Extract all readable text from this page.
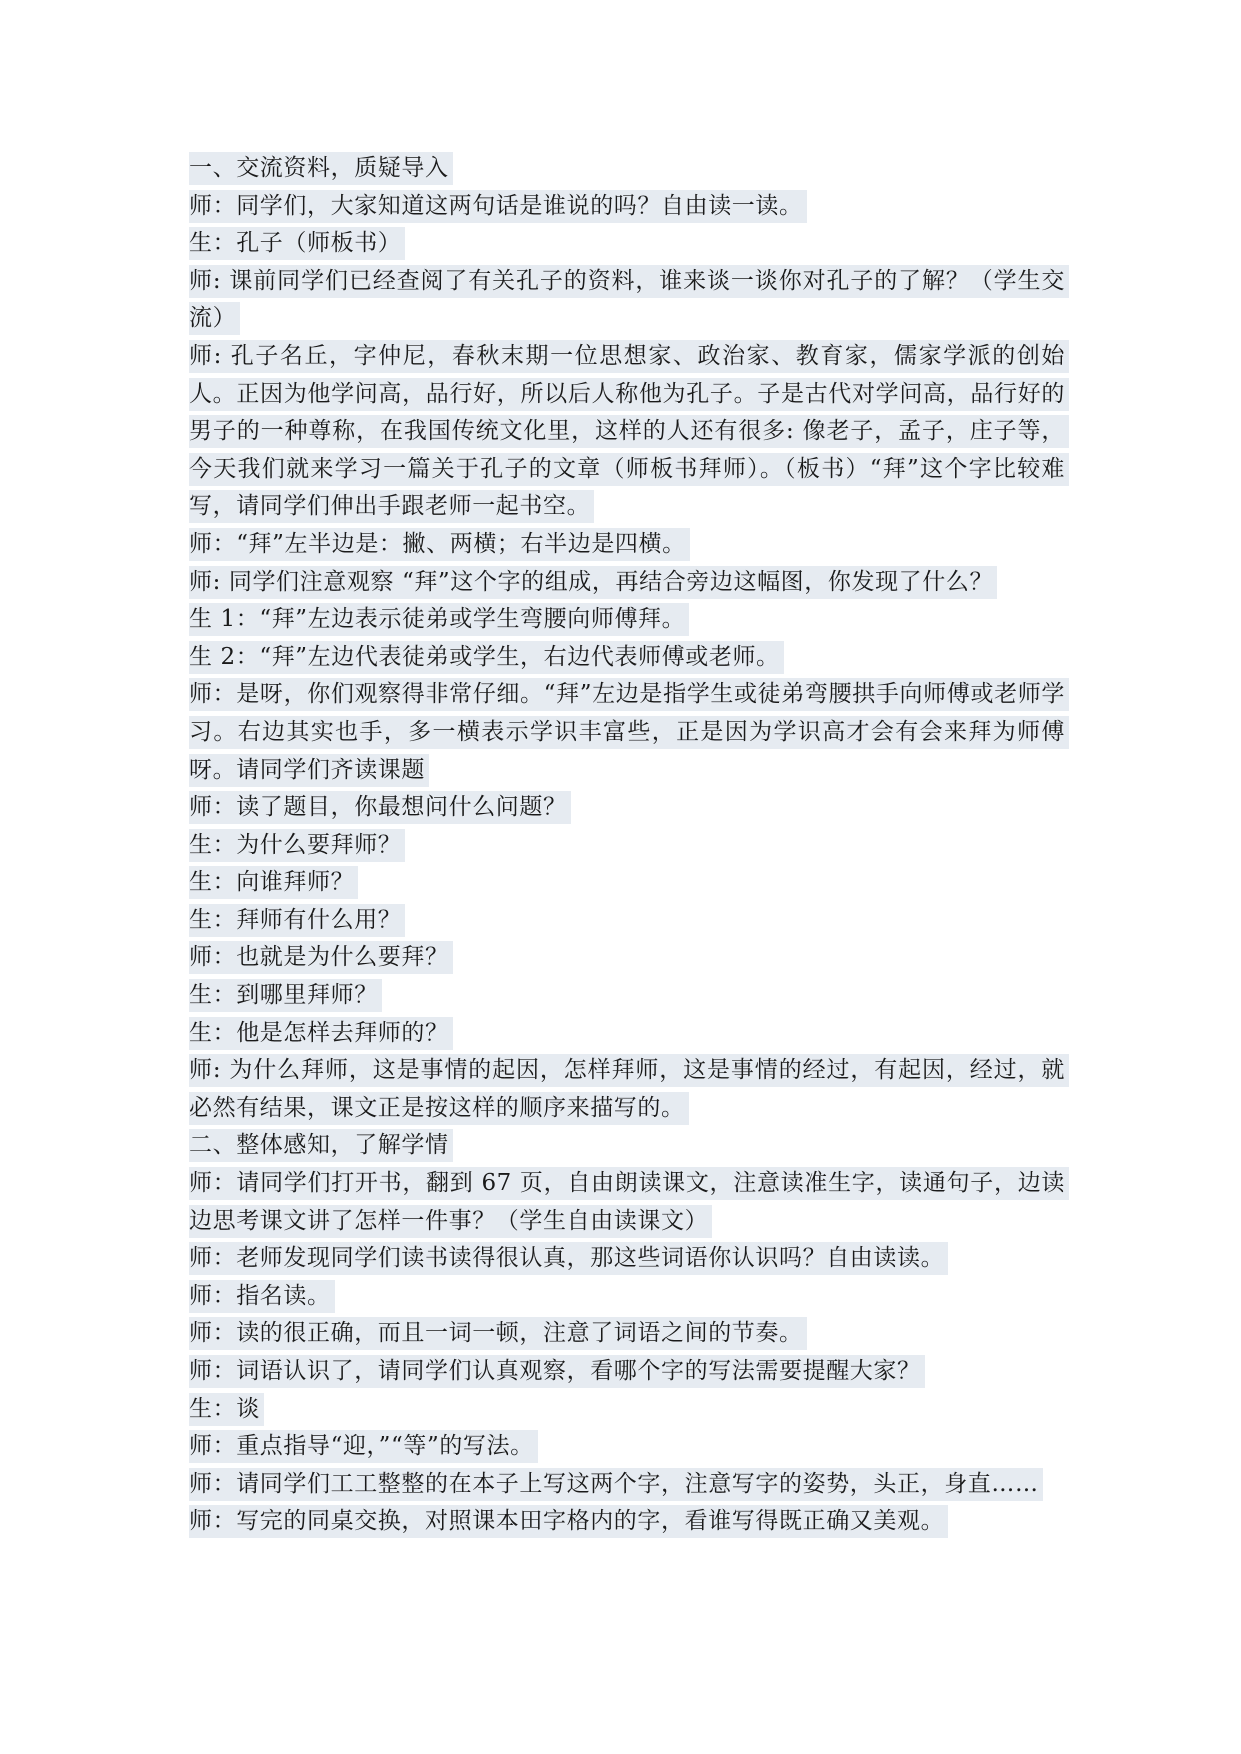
一、交流资料，质疑导入

师：同学们，大家知道这两句话是谁说的吗？自由读一读。

生：孔子（师板书）

师: 课前同学们已经查阅了有关孔子的资料，谁来谈一谈你对孔子的了解？（学生交流）

师: 孔子名丘，字仲尼，春秋末期一位思想家、政治家、教育家，儒家学派的创始人。正因为他学问高，品行好，所以后人称他为孔子。子是古代对学问高，品行好的男子的一种尊称，在我国传统文化里，这样的人还有很多: 像老子，孟子，庄子等，今天我们就来学习一篇关于孔子的文章（师板书拜师）。（板书）“拜”这个字比较难写，请同学们伸出手跟老师一起书空。

师：“拜”左半边是：撇、两横；右半边是四横。

师: 同学们注意观察 “拜”这个字的组成，再结合旁边这幅图，你发现了什么？

生 1：“拜”左边表示徒弟或学生弯腰向师傅拜。

生 2：“拜”左边代表徒弟或学生，右边代表师傅或老师。

师：是呀，你们观察得非常仔细。“拜”左边是指学生或徒弟弯腰拱手向师傅或老师学习。右边其实也手，多一横表示学识丰富些，正是因为学识高才会有会来拜为师傅呀。请同学们齐读课题

师：读了题目，你最想问什么问题？

生：为什么要拜师？

生：向谁拜师？

生：拜师有什么用？

师：也就是为什么要拜？

生：到哪里拜师？

生：他是怎样去拜师的？

师: 为什么拜师，这是事情的起因，怎样拜师，这是事情的经过，有起因，经过，就必然有结果，课文正是按这样的顺序来描写的。

二、整体感知，了解学情

师：请同学们打开书，翻到 67 页，自由朗读课文，注意读准生字，读通句子，边读边思考课文讲了怎样一件事？（学生自由读课文）

师：老师发现同学们读书读得很认真，那这些词语你认识吗？自由读读。

师：指名读。

师：读的很正确，而且一词一顿，注意了词语之间的节奏。

师：词语认识了，请同学们认真观察，看哪个字的写法需要提醒大家？

生：谈

师：重点指导“迎，”“等”的写法。

师：请同学们工工整整的在本子上写这两个字，注意写字的姿势，头正，身直……

师：写完的同桌交换，对照课本田字格内的字，看谁写得既正确又美观。
